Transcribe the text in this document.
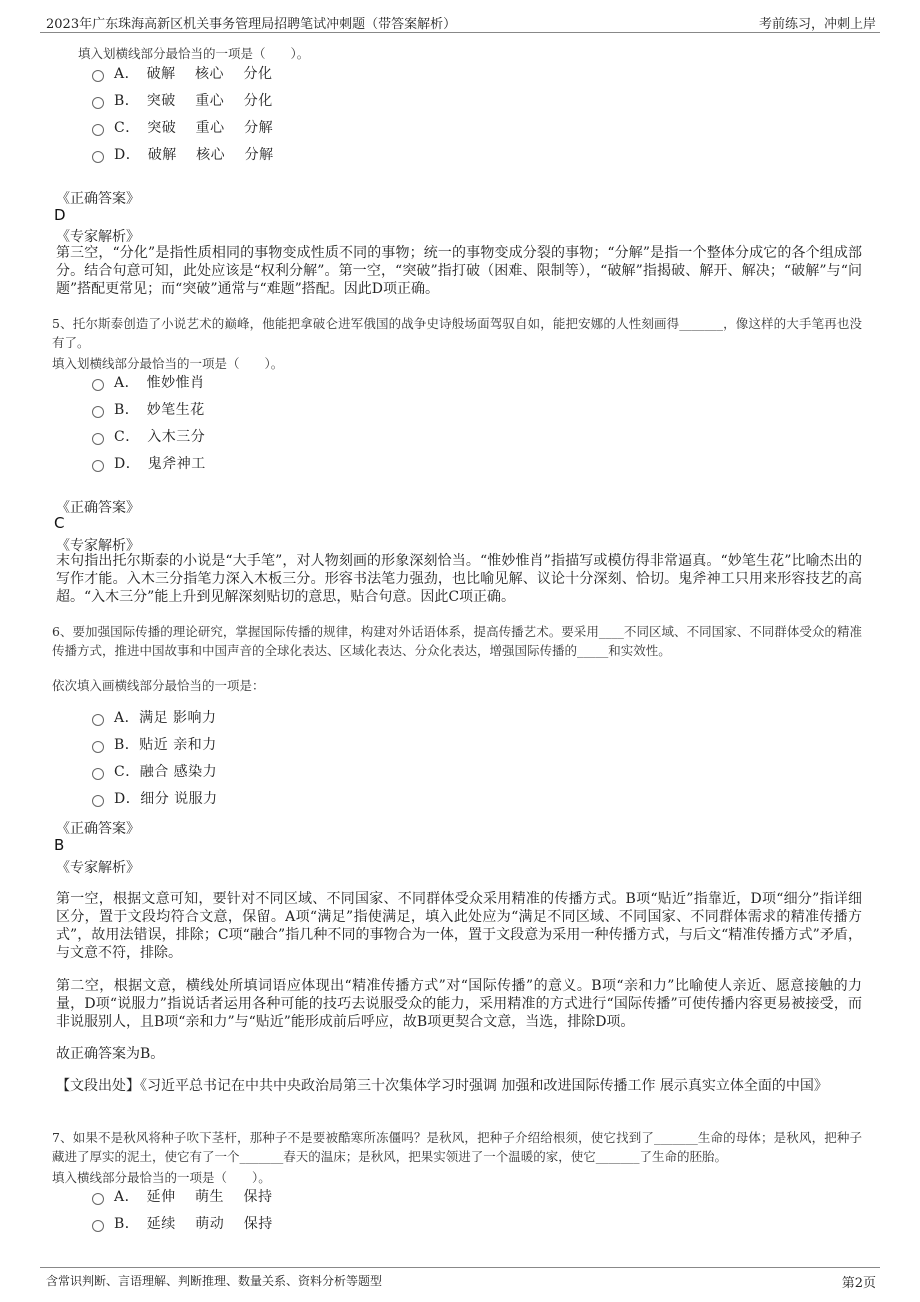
2023年广东珠海高新区机关事务管理局招聘笔试冲刺题（带答案解析）	考前练习，冲刺上岸
填入划横线部分最恰当的一项是（　　）。
A．　破解　 核心 　分化
B．　突破 　重心　 分化
C．　突破 　重心　 分解
D．　破解 　核心　 分解
《正确答案》
D
《专家解析》
第三空，“分化”是指性质相同的事物变成性质不同的事物；统一的事物变成分裂的事物；“分解”是指一个整体分成它的各个组成部分。结合句意可知，此处应该是“权利分解”。第一空，“突破”指打破（困难、限制等），“破解”指揭破、解开、解决；“破解”与“问题”搭配更常见；而“突破”通常与“难题”搭配。因此D项正确。
5、托尔斯泰创造了小说艺术的巅峰，他能把拿破仑进军俄国的战争史诗般场面驾驭自如，能把安娜的人性刻画得_______，像这样的大手笔再也没有了。
填入划横线部分最恰当的一项是（　　）。
A．　惟妙惟肖
B．　妙笔生花
C．　入木三分
D．　鬼斧神工
《正确答案》
C
《专家解析》
末句指出托尔斯泰的小说是“大手笔”，对人物刻画的形象深刻恰当。“惟妙惟肖”指描写或模仿得非常逼真。“妙笔生花”比喻杰出的写作才能。入木三分指笔力深入木板三分。形容书法笔力强劲，也比喻见解、议论十分深刻、恰切。鬼斧神工只用来形容技艺的高超。“入木三分”能上升到见解深刻贴切的意思，贴合句意。因此C项正确。
6、要加强国际传播的理论研究，掌握国际传播的规律，构建对外话语体系，提高传播艺术。要采用____不同区域、不同国家、不同群体受众的精准传播方式，推进中国故事和中国声音的全球化表达、区域化表达、分众化表达，增强国际传播的_____和实效性。
依次填入画横线部分最恰当的一项是：
A．满足 影响力
B．贴近 亲和力
C．融合 感染力
D．细分 说服力
《正确答案》
B
《专家解析》
第一空，根据文意可知，要针对不同区域、不同国家、不同群体受众采用精准的传播方式。B项“贴近”指靠近，D项“细分”指详细区分，置于文段均符合文意，保留。A项“满足”指使满足，填入此处应为“满足不同区域、不同国家、不同群体需求的精准传播方式”，故用法错误，排除；C项“融合”指几种不同的事物合为一体，置于文段意为采用一种传播方式，与后文“精准传播方式”矛盾，与文意不符，排除。
第二空，根据文意，横线处所填词语应体现出“精准传播方式”对“国际传播”的意义。B项“亲和力”比喻使人亲近、愿意接触的力量，D项“说服力”指说话者运用各种可能的技巧去说服受众的能力，采用精准的方式进行“国际传播”可使传播内容更易被接受，而非说服别人，且B项“亲和力”与“贴近”能形成前后呼应，故B项更契合文意，当选，排除D项。
故正确答案为B。
【文段出处】《习近平总书记在中共中央政治局第三十次集体学习时强调 加强和改进国际传播工作 展示真实立体全面的中国》
7、如果不是秋风将种子吹下茎杆，那种子不是要被酷寒所冻僵吗？是秋风，把种子介绍给根须，使它找到了_______生命的母体；是秋风，把种子藏进了厚实的泥土，使它有了一个_______春天的温床；是秋风，把果实领进了一个温暖的家，使它_______了生命的胚胎。
填入横线部分最恰当的一项是（　　）。
A．　延伸　 萌生 　保持
B．　延续 　萌动 　保持
含常识判断、言语理解、判断推理、数量关系、资料分析等题型	第2页
